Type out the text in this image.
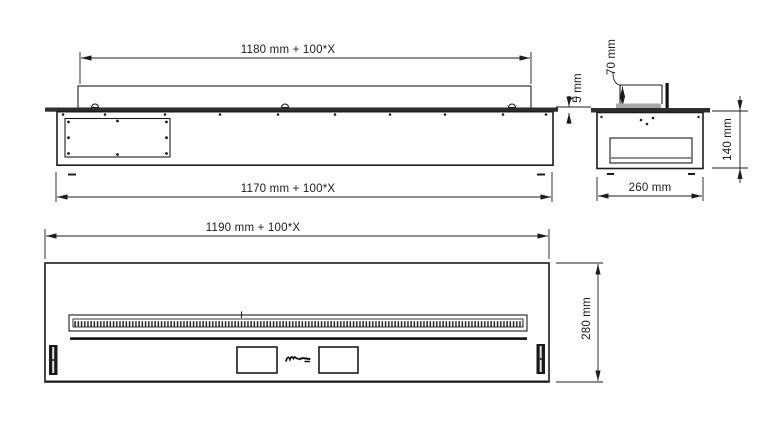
1180 mm + 100*X
1170 mm + 100*X
5 mm
70 mm
260 mm
140 mm
1190 mm + 100*X
280 mm
